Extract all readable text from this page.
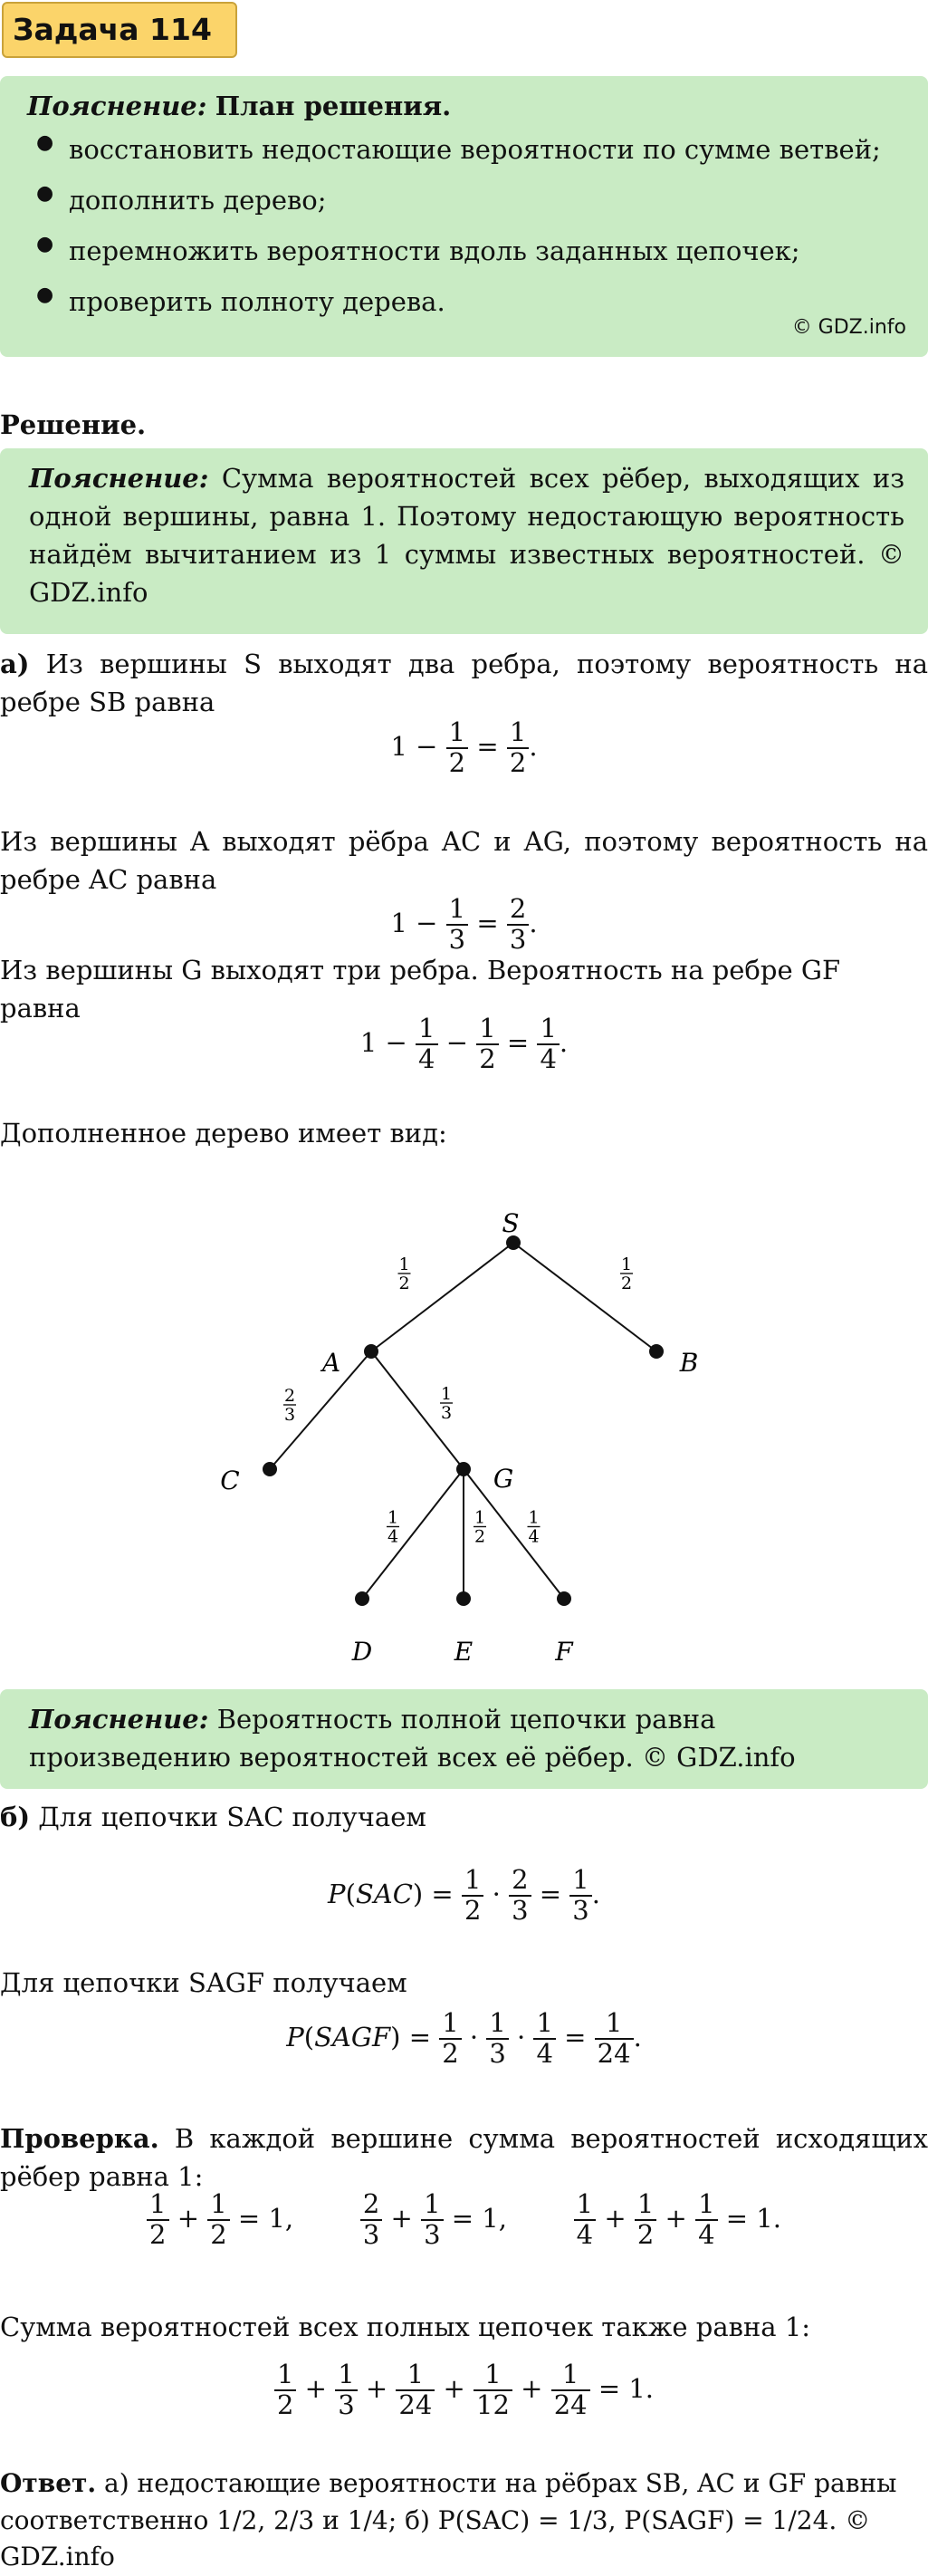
Задача 114
Пояснение: План решения.
● восстановить недостающие вероятности по сумме ветвей;
● дополнить дерево;
● перемножить вероятности вдоль заданных цепочек;
● проверить полноту дерева.
© GDZ.info
Решение.

Пояснение: Сумма вероятностей всех рёбер, выходящих из одной вершины, равна 1. Поэтому недостающую вероятность найдём вычитанием из 1 суммы известных вероятностей. © GDZ.info

а) Из вершины S выходят два ребра, поэтому вероятность на ребре SB равна
$1 - \frac{1}{2} = \frac{1}{2}$ .
Из вершины A выходят рёбра AC и AG, поэтому вероятность на ребре AC равна
$1 - \frac{1}{3} = \frac{2}{3}$ .
Из вершины G выходят три ребра. Вероятность на ребре GF равна
$1 - \frac{1}{4} - \frac{1}{2} = \frac{1}{4}$ .
Дополненное дерево имеет вид:
1
2
1
2
2
3
1
3
1
4
1
2
1
4
S
A	B
C	G
D	E	F

Пояснение: Вероятность полной цепочки равна произведению вероятностей всех её рёбер. © GDZ.info

б) Для цепочки SAC получаем
$P(SAC) = \frac{1}{2} \cdot \frac{2}{3} = \frac{1}{3}$ .
Для цепочки SAGF получаем
P(SAGF) = $\frac{1}{2} \cdot \frac{1}{3} \cdot \frac{1}{4} = \frac{1}{24}$ .
Проверка. В каждой вершине сумма вероятностей исходящих рёбер равна 1:
$\frac{1}{2} + \frac{1}{2} = 1$, $\frac{2}{3} + \frac{1}{3} = 1$, $\frac{1}{4} + \frac{1}{2} + \frac{1}{4} = 1$.
Сумма вероятностей всех полных цепочек также равна 1:
$\frac{1}{2} + \frac{1}{3} + \frac{1}{24} + \frac{1}{12} + \frac{1}{24} = 1$.
Ответ. а) недостающие вероятности на рёбрах SB, AC и GF равны соответственно 1/2, 2/3 и 1/4; б) P(SAC) = 1/3, P(SAGF) = 1/24. © GDZ.info
